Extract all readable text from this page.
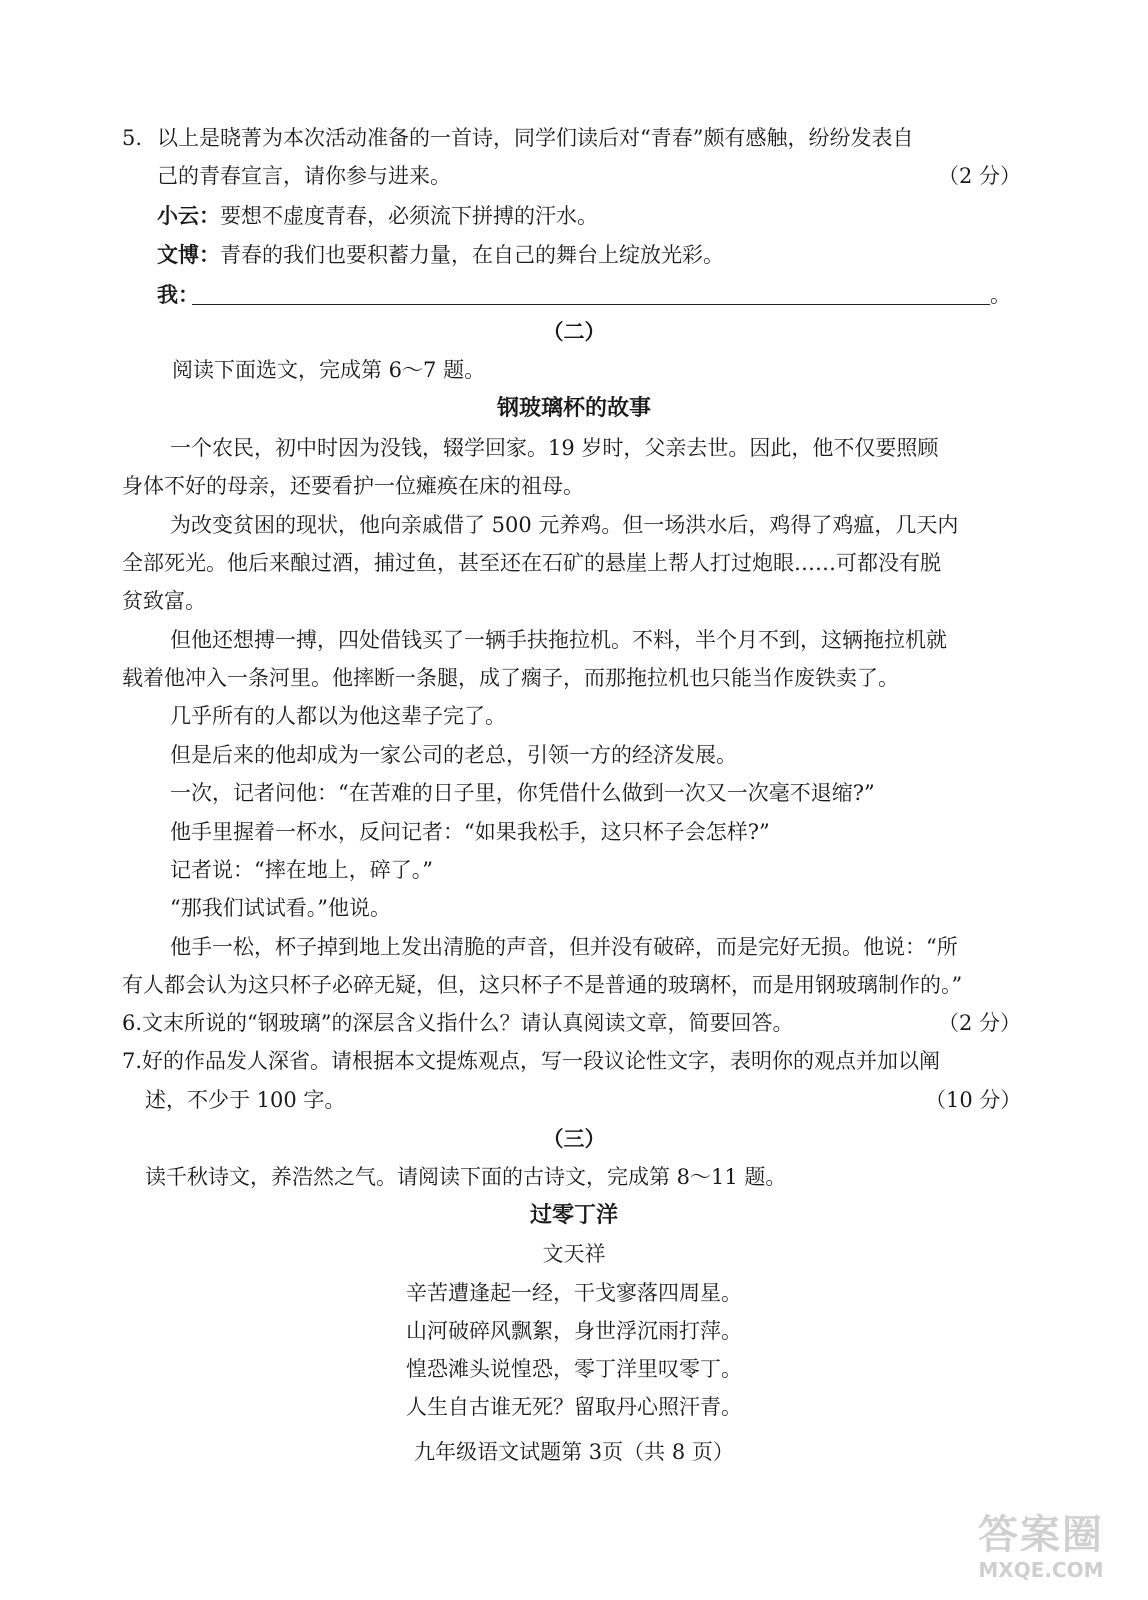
5. 以上是晓菁为本次活动准备的一首诗，同学们读后对“青春”颇有感触，纷纷发表自
己的青春宣言，请你参与进来。	（2 分）
小云：要想不虚度青春，必须流下拼搏的汗水。
文博：青春的我们也要积蓄力量，在自己的舞台上绽放光彩。
我：	。
（二）
阅读下面选文，完成第 6～7 题。
钢玻璃杯的故事
一个农民，初中时因为没钱，辍学回家。19 岁时，父亲去世。因此，他不仅要照顾
身体不好的母亲，还要看护一位瘫痪在床的祖母。
为改变贫困的现状，他向亲戚借了 500 元养鸡。但一场洪水后，鸡得了鸡瘟，几天内
全部死光。他后来酿过酒，捕过鱼，甚至还在石矿的悬崖上帮人打过炮眼……可都没有脱
贫致富。
但他还想搏一搏，四处借钱买了一辆手扶拖拉机。不料，半个月不到，这辆拖拉机就
载着他冲入一条河里。他摔断一条腿，成了瘸子，而那拖拉机也只能当作废铁卖了。
几乎所有的人都以为他这辈子完了。
但是后来的他却成为一家公司的老总，引领一方的经济发展。
一次，记者问他：“在苦难的日子里，你凭借什么做到一次又一次毫不退缩?”
他手里握着一杯水，反问记者：“如果我松手，这只杯子会怎样?”
记者说：“摔在地上，碎了。”
“那我们试试看。”他说。
他手一松，杯子掉到地上发出清脆的声音，但并没有破碎，而是完好无损。他说：“所
有人都会认为这只杯子必碎无疑，但，这只杯子不是普通的玻璃杯，而是用钢玻璃制作的。”
6.文末所说的“钢玻璃”的深层含义指什么？请认真阅读文章，简要回答。	（2 分）
7.好的作品发人深省。请根据本文提炼观点，写一段议论性文字，表明你的观点并加以阐
述，不少于 100 字。	（10 分）
（三）
读千秋诗文，养浩然之气。请阅读下面的古诗文，完成第 8～11 题。
过零丁洋
文天祥
辛苦遭逢起一经，干戈寥落四周星。
山河破碎风飘絮，身世浮沉雨打萍。
惶恐滩头说惶恐，零丁洋里叹零丁。
人生自古谁无死？留取丹心照汗青。
九年级语文试题第 3页（共 8 页）
答案圈
MXQE.COM
